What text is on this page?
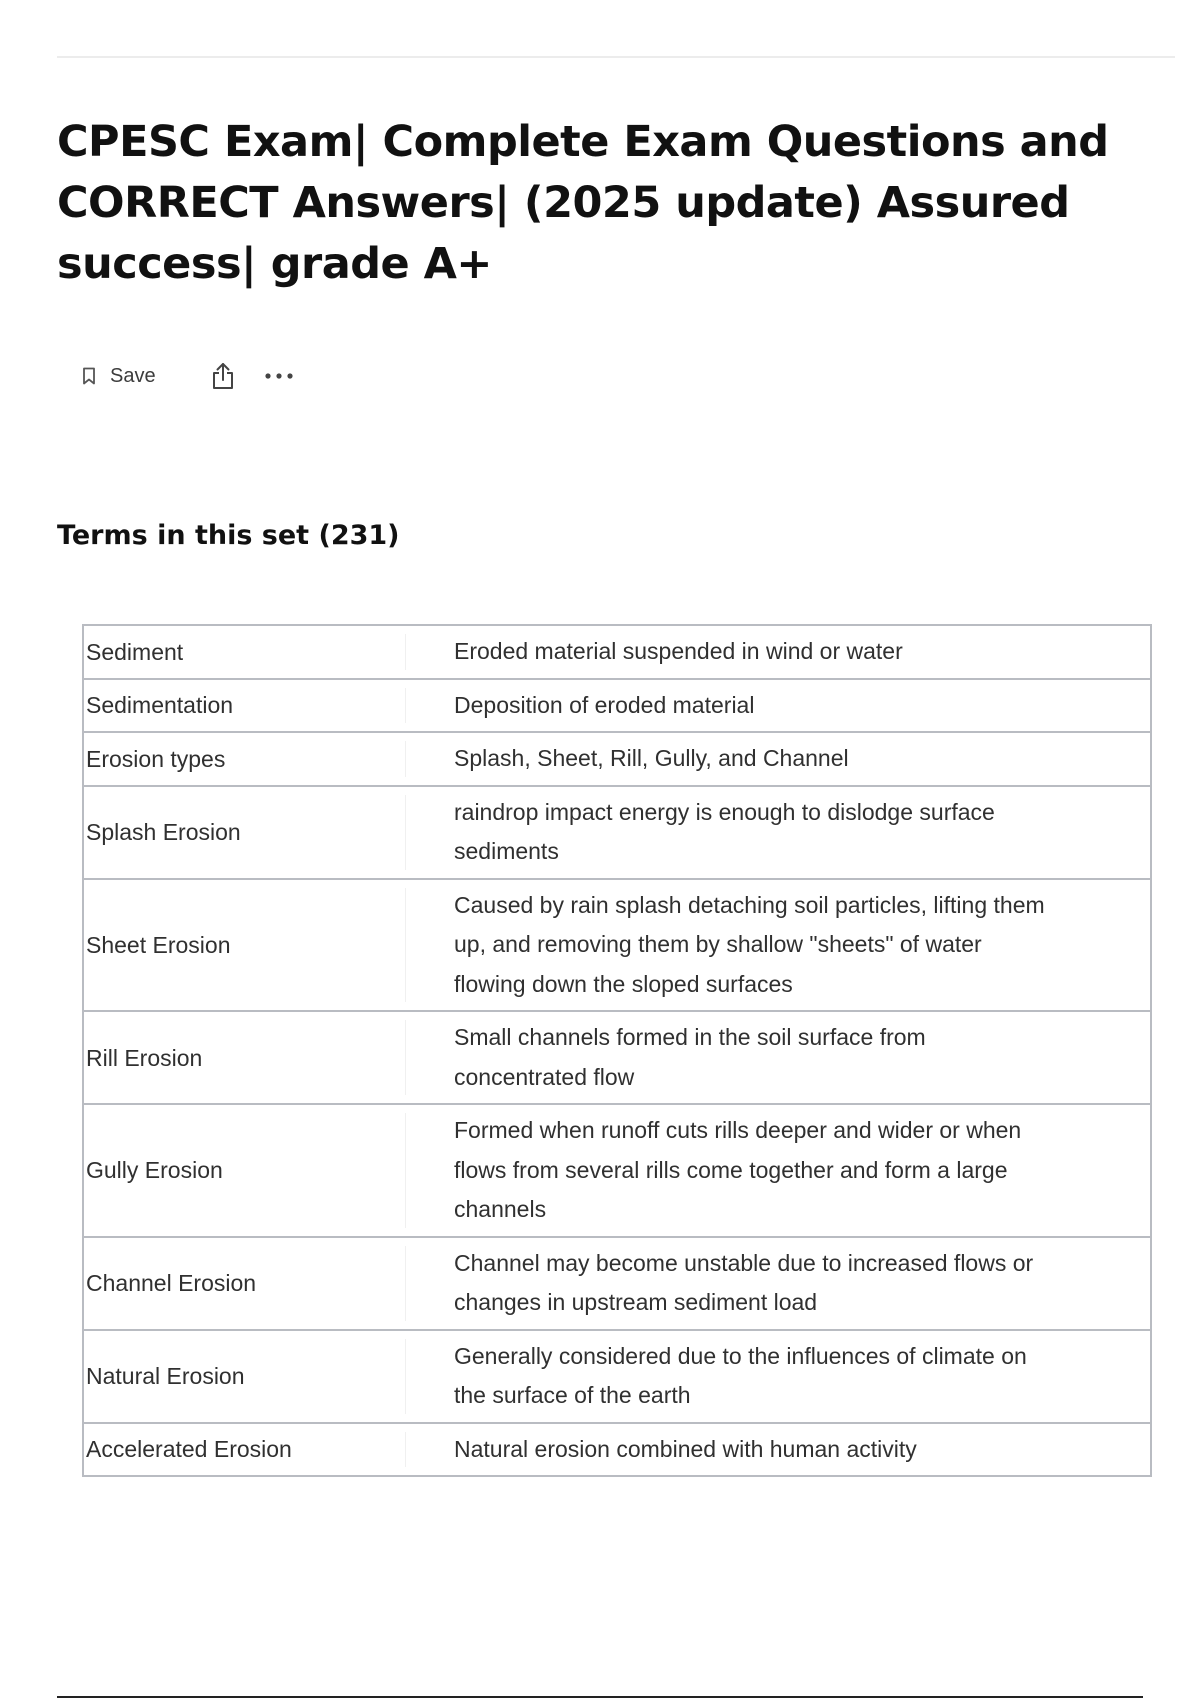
CPESC Exam| Complete Exam Questions and CORRECT Answers| (2025 update) Assured success| grade A+
Save
Terms in this set (231)
Sediment	Eroded material suspended in wind or water
Sedimentation	Deposition of eroded material
Erosion types	Splash, Sheet, Rill, Gully, and Channel
Splash Erosion	raindrop impact energy is enough to dislodge surface sediments
Sheet Erosion	Caused by rain splash detaching soil particles, lifting them up, and removing them by shallow "sheets" of water flowing down the sloped surfaces
Rill Erosion	Small channels formed in the soil surface from concentrated flow
Gully Erosion	Formed when runoff cuts rills deeper and wider or when flows from several rills come together and form a large channels
Channel Erosion	Channel may become unstable due to increased flows or changes in upstream sediment load
Natural Erosion	Generally considered due to the influences of climate on the surface of the earth
Accelerated Erosion	Natural erosion combined with human activity
